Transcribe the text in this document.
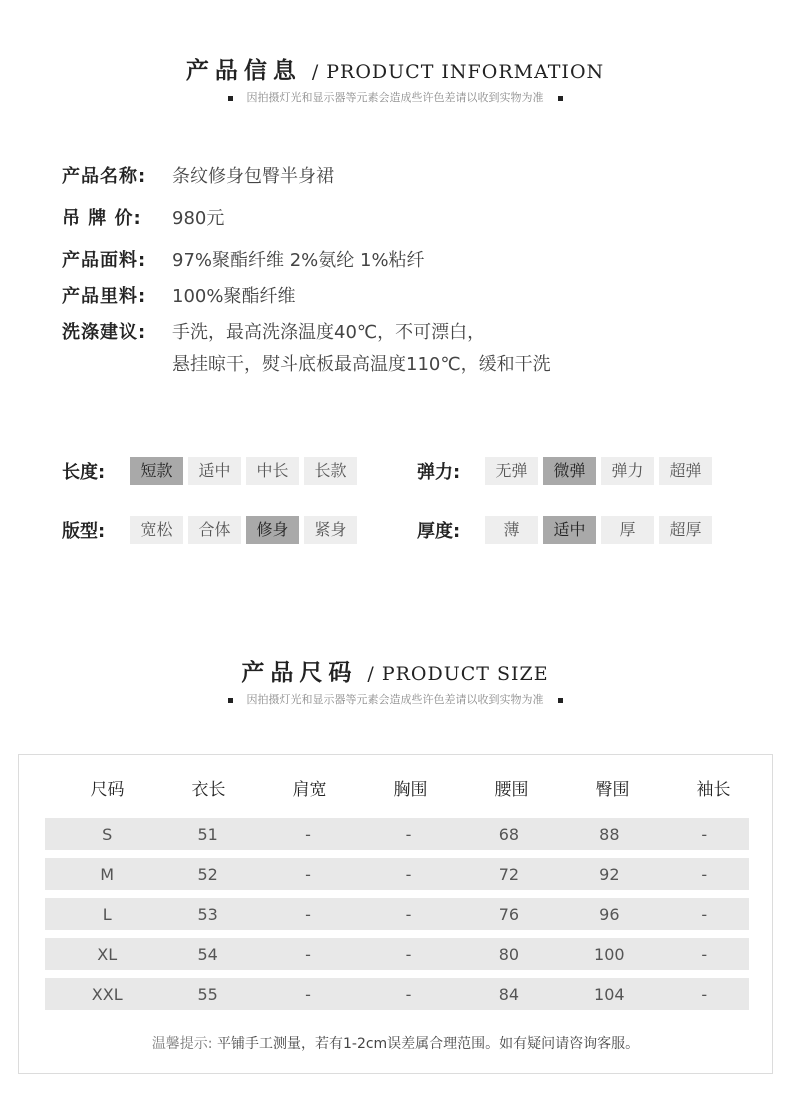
产品信息 / PRODUCT INFORMATION
因拍摄灯光和显示器等元素会造成些许色差请以收到实物为准
产品名称:	条纹修身包臀半身裙
吊 牌 价:	980元
产品面料:	97%聚酯纤维 2%氨纶 1%粘纤
产品里料:	100%聚酯纤维
洗涤建议:	手洗，最高洗涤温度40℃，不可漂白，
悬挂晾干，熨斗底板最高温度110℃，缓和干洗
长度:	短款	适中	中长	长款	弹力:	无弹	微弹	弹力	超弹
版型:	宽松	合体	修身	紧身	厚度:	薄	适中	厚	超厚
产品尺码 / PRODUCT SIZE
因拍摄灯光和显示器等元素会造成些许色差请以收到实物为准
尺码	衣长	肩宽	胸围	腰围	臀围	袖长
S	51	-	-	68	88	-
M	52	-	-	72	92	-
L	53	-	-	76	96	-
XL	54	-	-	80	100	-
XXL	55	-	-	84	104	-
温馨提示: 平铺手工测量，若有1-2cm误差属合理范围。如有疑问请咨询客服。
